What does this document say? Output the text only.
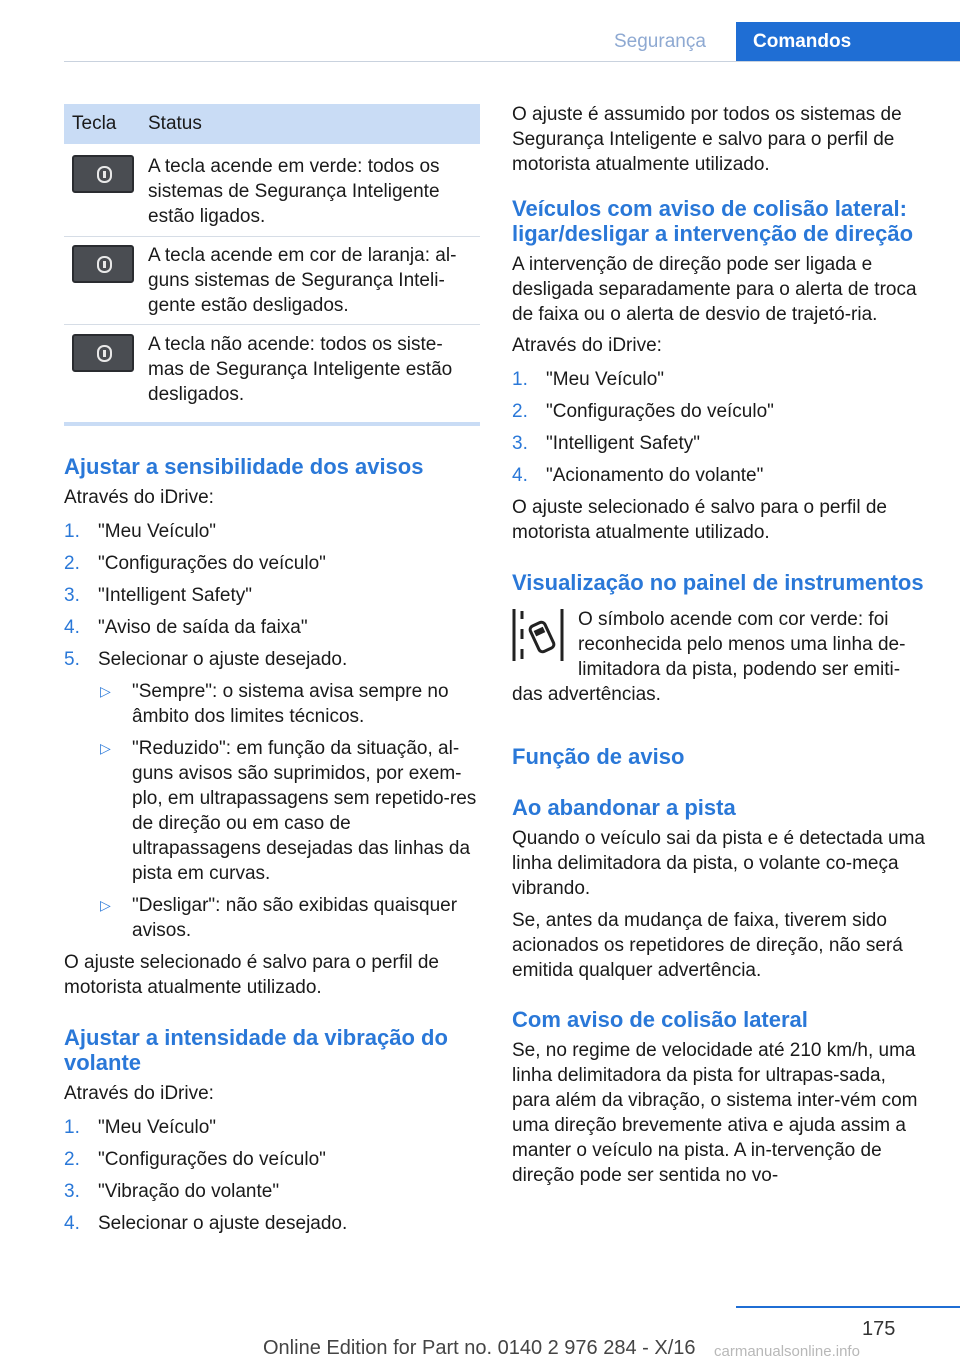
Segurança	Comandos
Tecla	Status
A tecla acende em verde: todos os sistemas de Segurança Inteligente estão ligados.
A tecla acende em cor de laranja: al-guns sistemas de Segurança Inteli-gente estão desligados.
A tecla não acende: todos os siste-mas de Segurança Inteligente estão desligados.
Ajustar a sensibilidade dos avisos

Através do iDrive:

1. "Meu Veículo"
2. "Configurações do veículo"
3. "Intelligent Safety"
4. "Aviso de saída da faixa"
5. Selecionar o ajuste desejado.
▷ "Sempre": o sistema avisa sempre no âmbito dos limites técnicos.
▷ "Reduzido": em função da situação, al-guns avisos são suprimidos, por exem-plo, em ultrapassagens sem repetido-res de direção ou em caso de ultrapassagens desejadas das linhas da pista em curvas.
▷ "Desligar": não são exibidas quaisquer avisos.

O ajuste selecionado é salvo para o perfil de motorista atualmente utilizado.

Ajustar a intensidade da vibração do volante

Através do iDrive:

1. "Meu Veículo"
2. "Configurações do veículo"
3. "Vibração do volante"
4. Selecionar o ajuste desejado.

O ajuste é assumido por todos os sistemas de Segurança Inteligente e salvo para o perfil de motorista atualmente utilizado.

Veículos com aviso de colisão lateral: ligar/desligar a intervenção de direção

A intervenção de direção pode ser ligada e desligada separadamente para o alerta de troca de faixa ou o alerta de desvio de trajetó-ria.

Através do iDrive:

1. "Meu Veículo"
2. "Configurações do veículo"
3. "Intelligent Safety"
4. "Acionamento do volante"

O ajuste selecionado é salvo para o perfil de motorista atualmente utilizado.

Visualização no painel de instrumentos

O símbolo acende com cor verde: foi reconhecida pelo menos uma linha de-limitadora da pista, podendo ser emiti-das advertências.

Função de aviso
Ao abandonar a pista

Quando o veículo sai da pista e é detectada uma linha delimitadora da pista, o volante co-meça vibrando.

Se, antes da mudança de faixa, tiverem sido acionados os repetidores de direção, não será emitida qualquer advertência.

Com aviso de colisão lateral

Se, no regime de velocidade até 210 km/h, uma linha delimitadora da pista for ultrapas-sada, para além da vibração, o sistema inter-vém com uma direção brevemente ativa e ajuda assim a manter o veículo na pista. A in-tervenção de direção pode ser sentida no vo-

175
Online Edition for Part no. 0140 2 976 284 - X/16 carmanualsonline.info
